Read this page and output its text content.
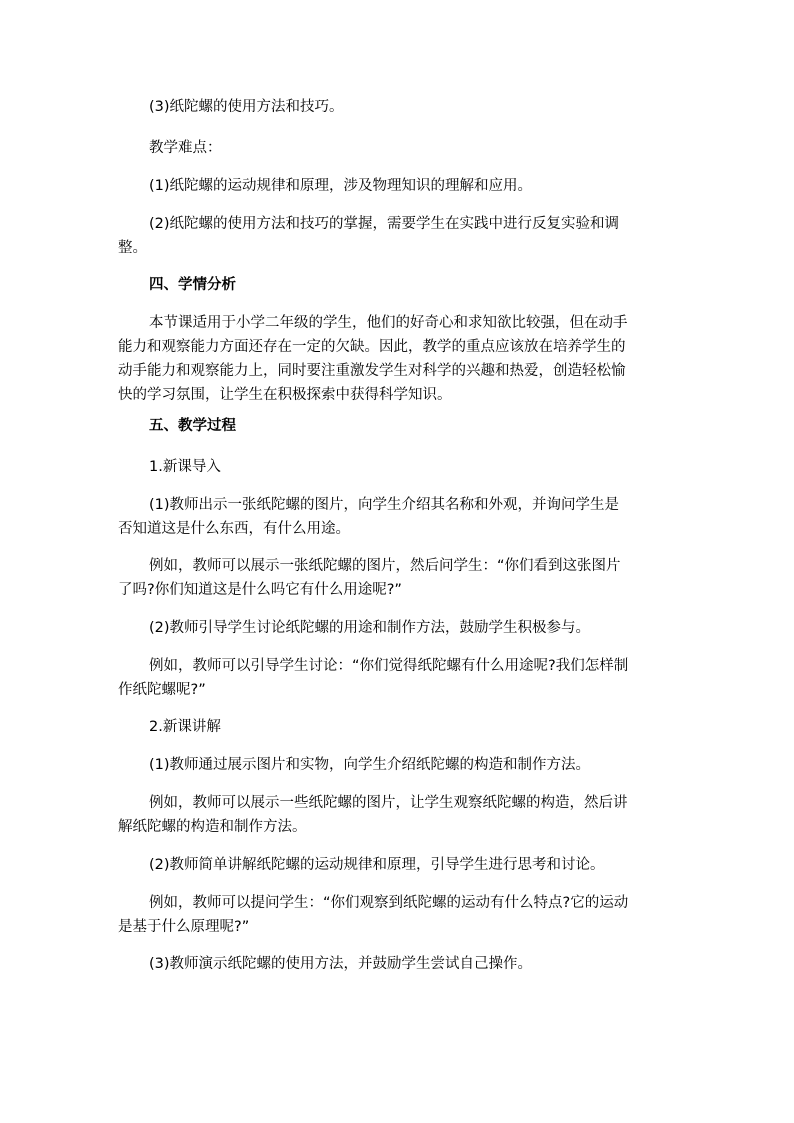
(3)纸陀螺的使用方法和技巧。

教学难点：

(1)纸陀螺的运动规律和原理，涉及物理知识的理解和应用。

(2)纸陀螺的使用方法和技巧的掌握，需要学生在实践中进行反复实验和调
整。

四、学情分析

本节课适用于小学二年级的学生，他们的好奇心和求知欲比较强，但在动手
能力和观察能力方面还存在一定的欠缺。因此，教学的重点应该放在培养学生的
动手能力和观察能力上，同时要注重激发学生对科学的兴趣和热爱，创造轻松愉
快的学习氛围，让学生在积极探索中获得科学知识。

五、教学过程

1.新课导入

(1)教师出示一张纸陀螺的图片，向学生介绍其名称和外观，并询问学生是
否知道这是什么东西，有什么用途。

例如，教师可以展示一张纸陀螺的图片，然后问学生：“你们看到这张图片
了吗?你们知道这是什么吗它有什么用途呢?”

(2)教师引导学生讨论纸陀螺的用途和制作方法，鼓励学生积极参与。

例如，教师可以引导学生讨论：“你们觉得纸陀螺有什么用途呢?我们怎样制
作纸陀螺呢?”

2.新课讲解

(1)教师通过展示图片和实物，向学生介绍纸陀螺的构造和制作方法。

例如，教师可以展示一些纸陀螺的图片，让学生观察纸陀螺的构造，然后讲
解纸陀螺的构造和制作方法。

(2)教师简单讲解纸陀螺的运动规律和原理，引导学生进行思考和讨论。

例如，教师可以提问学生：“你们观察到纸陀螺的运动有什么特点?它的运动
是基于什么原理呢?”

(3)教师演示纸陀螺的使用方法，并鼓励学生尝试自己操作。
